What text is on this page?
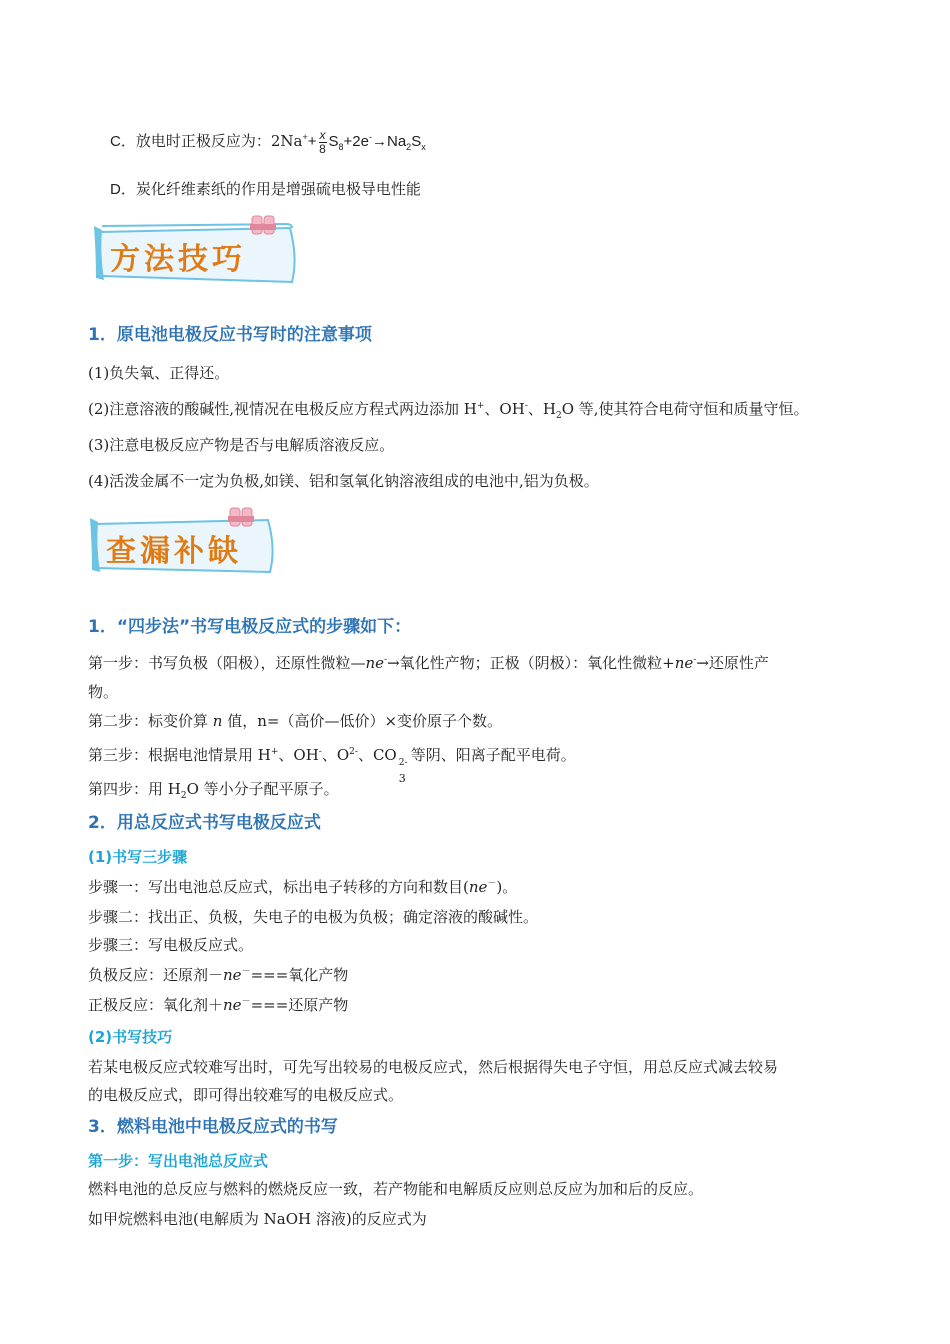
C．放电时正极反应为：$2Na^++ \frac{x}{8} S_8+2e^-\to Na_2S_x$
D．炭化纤维素纸的作用是增强硫电极导电性能
方法技巧
1．原电池电极反应书写时的注意事项
(1)负失氧、正得还。
(2)注意溶液的酸碱性,视情况在电极反应方程式两边添加 H+、OH-、$H_2O$ 等,使其符合电荷守恒和质量守恒。
(3)注意电极反应产物是否与电解质溶液反应。
(4)活泼金属不一定为负极,如镁、铝和氢氧化钠溶液组成的电池中,铝为负极。
查漏补缺
1．“四步法”书写电极反应式的步骤如下：
第一步：书写负极（阳极），还原性微粒—ne-→氧化性产物；正极（阴极）：氧化性微粒+ne-→还原性产
物。
第二步：标变价算 n 值，n=（高价—低价）×变价原子个数。
第三步：根据电池情景用 H+、OH-、$O^{2-}$、CO 2-
3
等阴、阳离子配平电荷。
第四步：用 $H_2O$ 等小分子配平原子。
2．用总反应式书写电极反应式
(1)书写三步骤
步骤一：写出电池总反应式，标出电子转移的方向和数目(ne－)。
步骤二：找出正、负极，失电子的电极为负极；确定溶液的酸碱性。
步骤三：写电极反应式。
负极反应：还原剂－ne－===氧化产物
正极反应：氧化剂＋ne－===还原产物
(2)书写技巧
若某电极反应式较难写出时，可先写出较易的电极反应式，然后根据得失电子守恒，用总反应式减去较易
的电极反应式，即可得出较难写的电极反应式。
3．燃料电池中电极反应式的书写
第一步：写出电池总反应式
燃料电池的总反应与燃料的燃烧反应一致，若产物能和电解质反应则总反应为加和后的反应。
如甲烷燃料电池(电解质为 NaOH 溶液)的反应式为
